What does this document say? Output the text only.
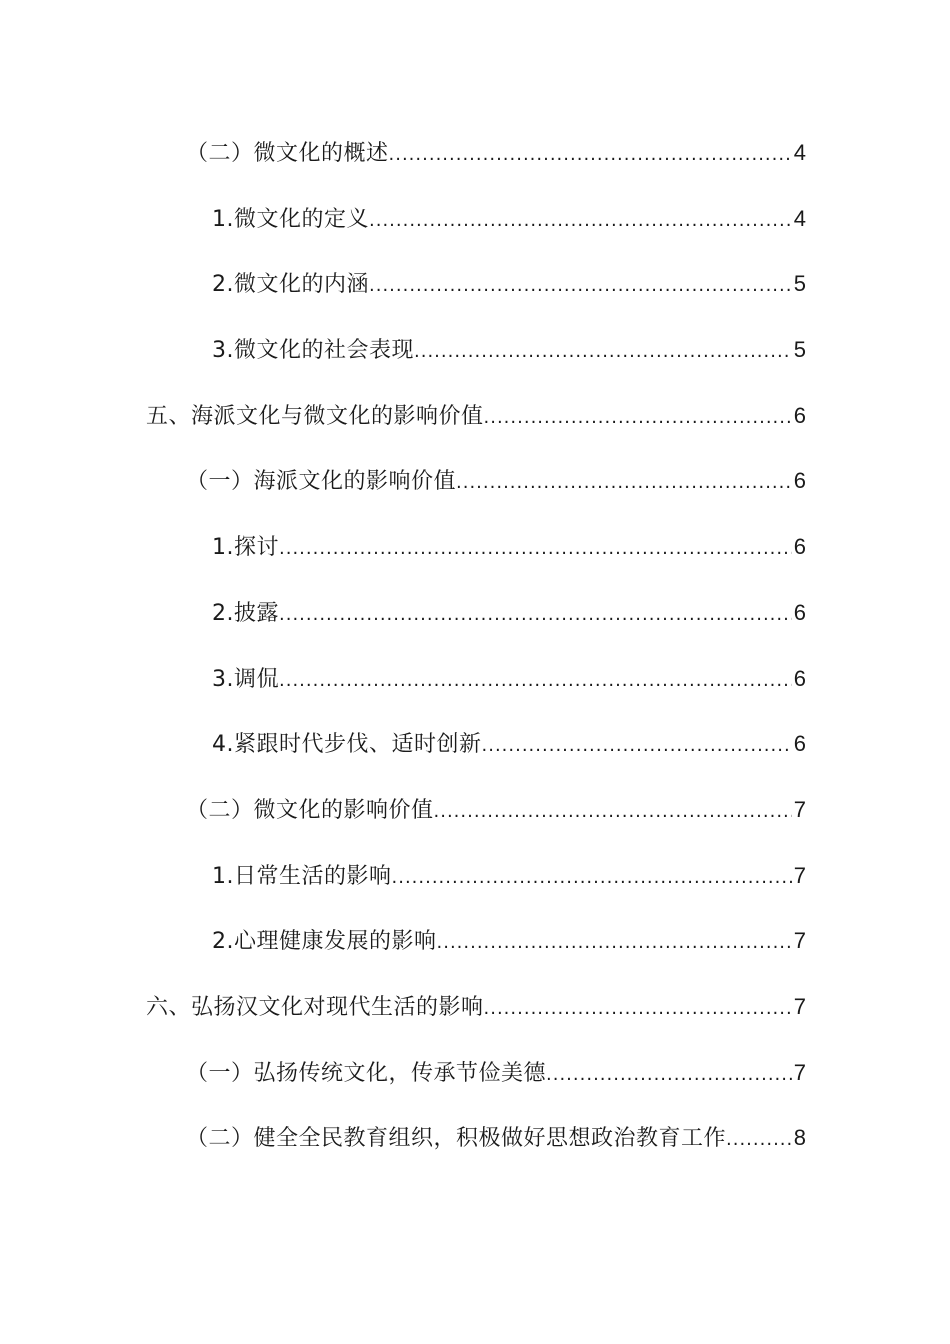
（二）微文化的概述 .....	4
1.微文化的定义 .....	4
2.微文化的内涵 .....	5
3.微文化的社会表现 .....	5
五、海派文化与微文化的影响价值 .....	6
（一）海派文化的影响价值 .....	6
1.探讨 .....	6
2.披露 .....	6
3.调侃 .....	6
4.紧跟时代步伐、适时创新 .....	6
（二）微文化的影响价值 .....	7
1.日常生活的影响 .....	7
2.心理健康发展的影响 .....	7
六、弘扬汉文化对现代生活的影响 .....	7
（一）弘扬传统文化，传承节俭美德 .....	7
（二）健全全民教育组织，积极做好思想政治教育工作 .....	8
